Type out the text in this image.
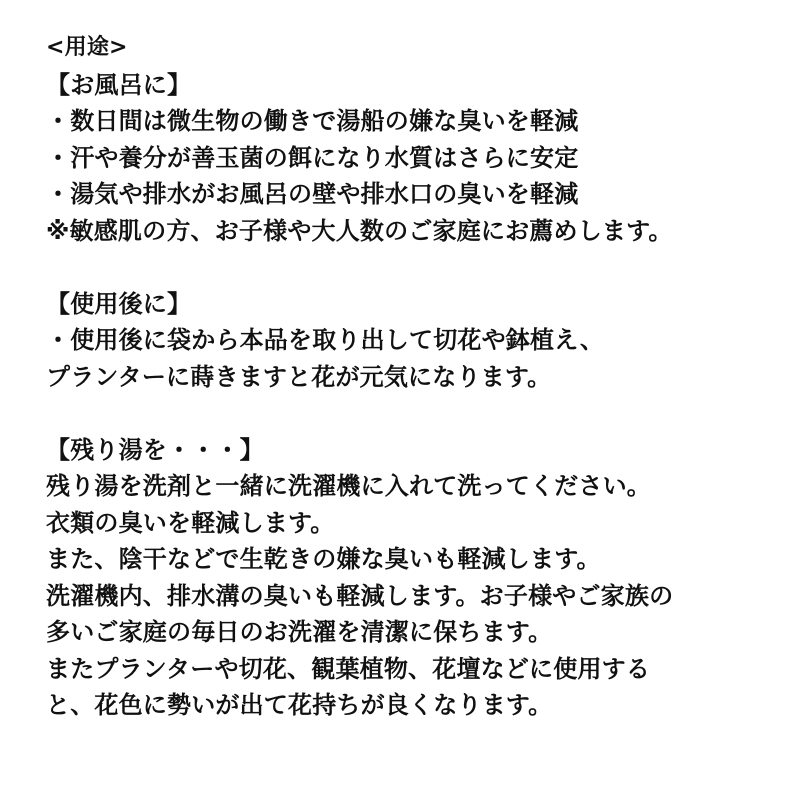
<用途>
【お風呂に】
・数日間は微生物の働きで湯船の嫌な臭いを軽減
・汗や養分が善玉菌の餌になり水質はさらに安定
・湯気や排水がお風呂の壁や排水口の臭いを軽減
※敏感肌の方、お子様や大人数のご家庭にお薦めします。
【使用後に】
・使用後に袋から本品を取り出して切花や鉢植え、
プランターに蒔きますと花が元気になります。
【残り湯を・・・】
残り湯を洗剤と一緒に洗濯機に入れて洗ってください。
衣類の臭いを軽減します。
また、陰干などで生乾きの嫌な臭いも軽減します。
洗濯機内、排水溝の臭いも軽減します。お子様やご家族の
多いご家庭の毎日のお洗濯を清潔に保ちます。
またプランターや切花、観葉植物、花壇などに使用する
と、花色に勢いが出て花持ちが良くなります。
